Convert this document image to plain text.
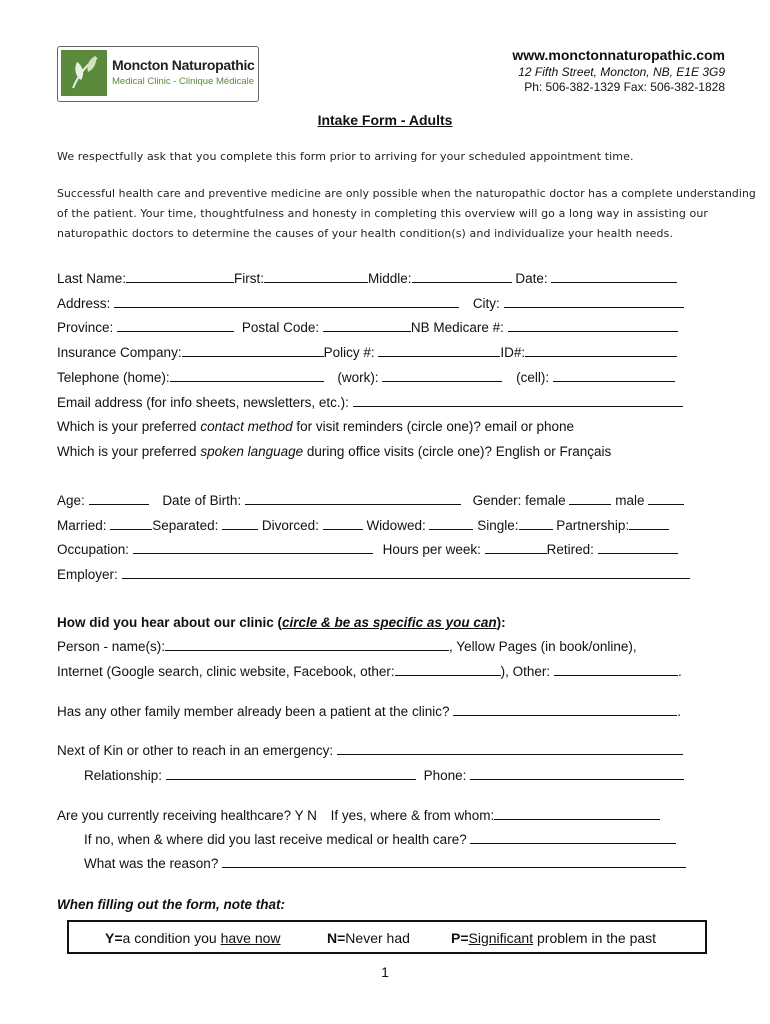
Moncton Naturopathic
Medical Clinic - Clinique Médicale
www.monctonnaturopathic.com
12 Fifth Street, Moncton, NB, E1E 3G9
Ph: 506-382-1329 Fax: 506-382-1828
Intake Form - Adults
We respectfully ask that you complete this form prior to arriving for your scheduled appointment time.
Successful health care and preventive medicine are only possible when the naturopathic doctor has a complete understanding
of the patient. Your time, thoughtfulness and honesty in completing this overview will go a long way in assisting our
naturopathic doctors to determine the causes of your health condition(s) and individualize your health needs.
Last Name:	First:	Middle:	Date:
Address:	City:
Province:	Postal Code:	NB Medicare #:
Insurance Company:	Policy #:	ID#:
Telephone (home):	(work):	(cell):
Email address (for info sheets, newsletters, etc.):
Which is your preferred contact method for visit reminders (circle one)? email or phone
Which is your preferred spoken language during office visits (circle one)? English or Français
Age:	Date of Birth:	Gender: female	male
Married:	Separated:	Divorced:	Widowed:	Single:	Partnership:
Occupation:	Hours per week:	Retired:
Employer:
How did you hear about our clinic (circle & be as specific as you can):
Person - name(s):	, Yellow Pages (in book/online),
Internet (Google search, clinic website, Facebook, other:	), Other:	.
Has any other family member already been a patient at the clinic?	.
Next of Kin or other to reach in an emergency:
Relationship:	Phone:
Are you currently receiving healthcare? Y N If yes, where & from whom:
If no, when & where did you last receive medical or health care?
What was the reason?
When filling out the form, note that:
Y=a condition you have now	N=Never had	P=Significant problem in the past
1
